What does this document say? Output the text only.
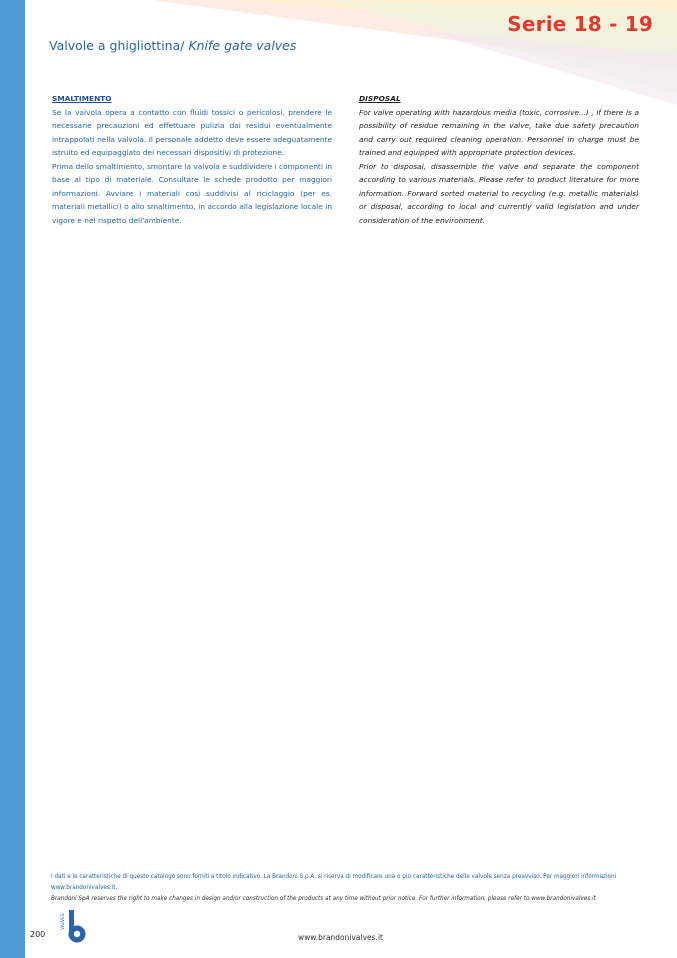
Serie 18 - 19
Valvole a ghigliottina/ Knife gate valves

SMALTIMENTO

Se la valvola opera a contatto con fluidi tossici o pericolosi, prendere le necessarie precauzioni ed effettuare pulizia dai residui eventualmente intrappolati nella valvola. Il personale addetto deve essere adeguatamente istruito ed equipaggiato dei necessari dispositivi di protezione.

Prima dello smaltimento, smontare la valvola e suddividere i componenti in base al tipo di materiale. Consultare le schede prodotto per maggiori informazioni. Avviare i materiali così suddivisi al riciclaggio (per es. materiali metallici) o allo smaltimento, in accordo alla legislazione locale in vigore e nel rispetto dell'ambiente.

DISPOSAL

For valve operating with hazardous media (toxic, corrosive...) , if there is a possibility of residue remaining in the valve, take due safety precaution and carry out required cleaning operation. Personnel in charge must be trained and equipped with appropriate protection devices.

Prior to disposal, disassemble the valve and separate the component according to various materials. Please refer to product literature for more information. Forward sorted material to recycling (e.g. metallic materials) or disposal, according to local and currently valid legislation and under consideration of the environment.

I dati e le caratteristiche di questo catalogo sono forniti a titolo indicativo. La Brandoni S.p.A. si riserva di modificare una o più caratteristiche delle valvole senza preavviso. Per maggiori informazioni www.brandonivalves.it.
Brandoni SpA reserves the right to make changes in design and/or construction of the products at any time without prior notice. For further information, please refer to www.brandonivalves.it
200
VALVES
www.brandonivalves.it
